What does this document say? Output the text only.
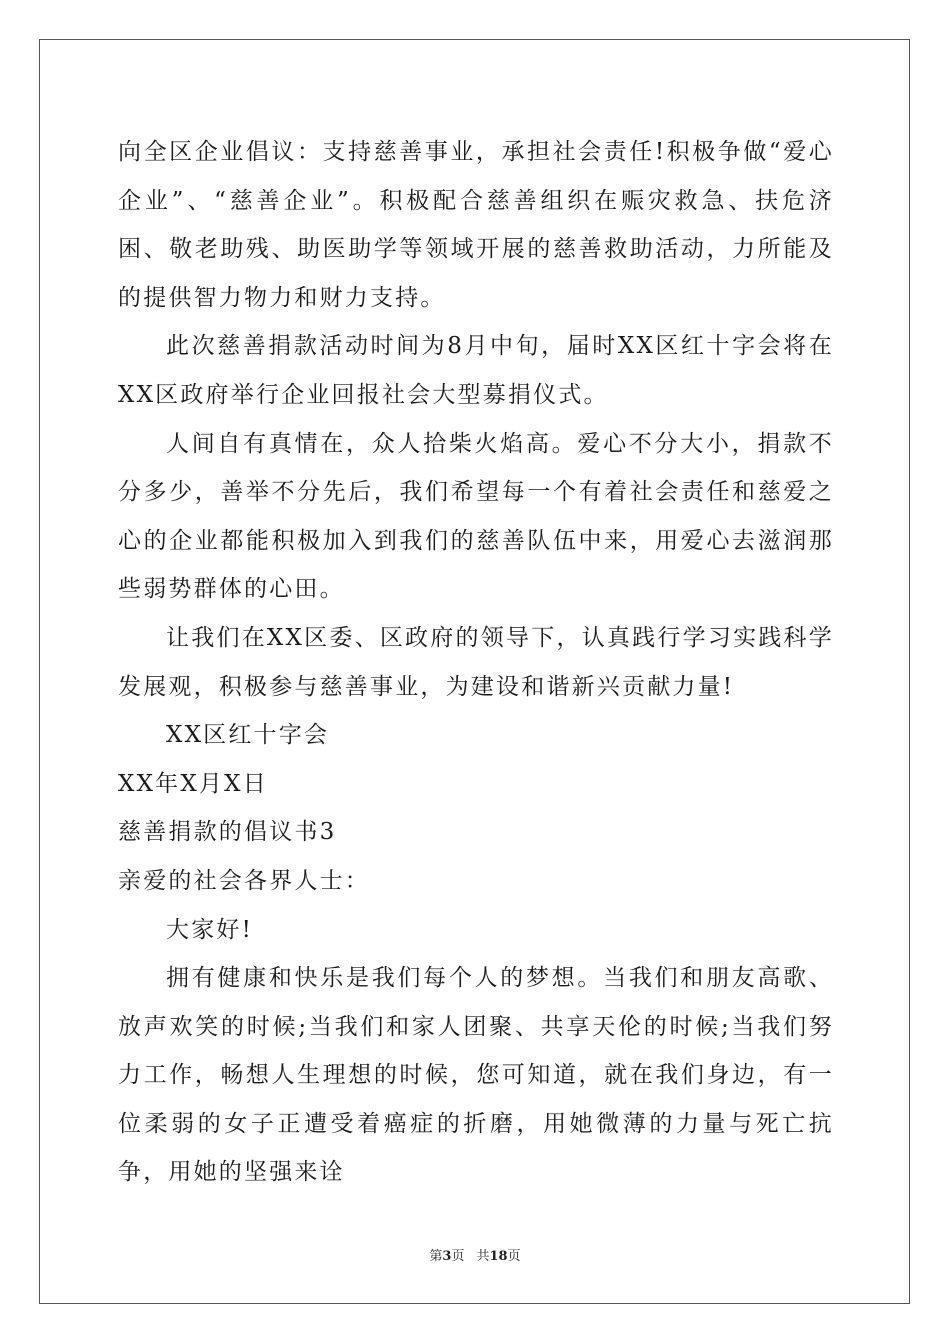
向全区企业倡议：支持慈善事业，承担社会责任!积极争做“爱心企业”、“慈善企业”。积极配合慈善组织在赈灾救急、扶危济困、敬老助残、助医助学等领域开展的慈善救助活动，力所能及的提供智力物力和财力支持。

此次慈善捐款活动时间为8月中旬，届时XX区红十字会将在XX区政府举行企业回报社会大型募捐仪式。

人间自有真情在，众人拾柴火焰高。爱心不分大小，捐款不分多少，善举不分先后，我们希望每一个有着社会责任和慈爱之心的企业都能积极加入到我们的慈善队伍中来，用爱心去滋润那些弱势群体的心田。

让我们在XX区委、区政府的领导下，认真践行学习实践科学发展观，积极参与慈善事业，为建设和谐新兴贡献力量!

XX区红十字会

XX年X月X日

慈善捐款的倡议书3

亲爱的社会各界人士：

大家好!

拥有健康和快乐是我们每个人的梦想。当我们和朋友高歌、放声欢笑的时候;当我们和家人团聚、共享天伦的时候;当我们努力工作，畅想人生理想的时候，您可知道，就在我们身边，有一位柔弱的女子正遭受着癌症的折磨，用她微薄的力量与死亡抗争，用她的坚强来诠

第3页 共18页
